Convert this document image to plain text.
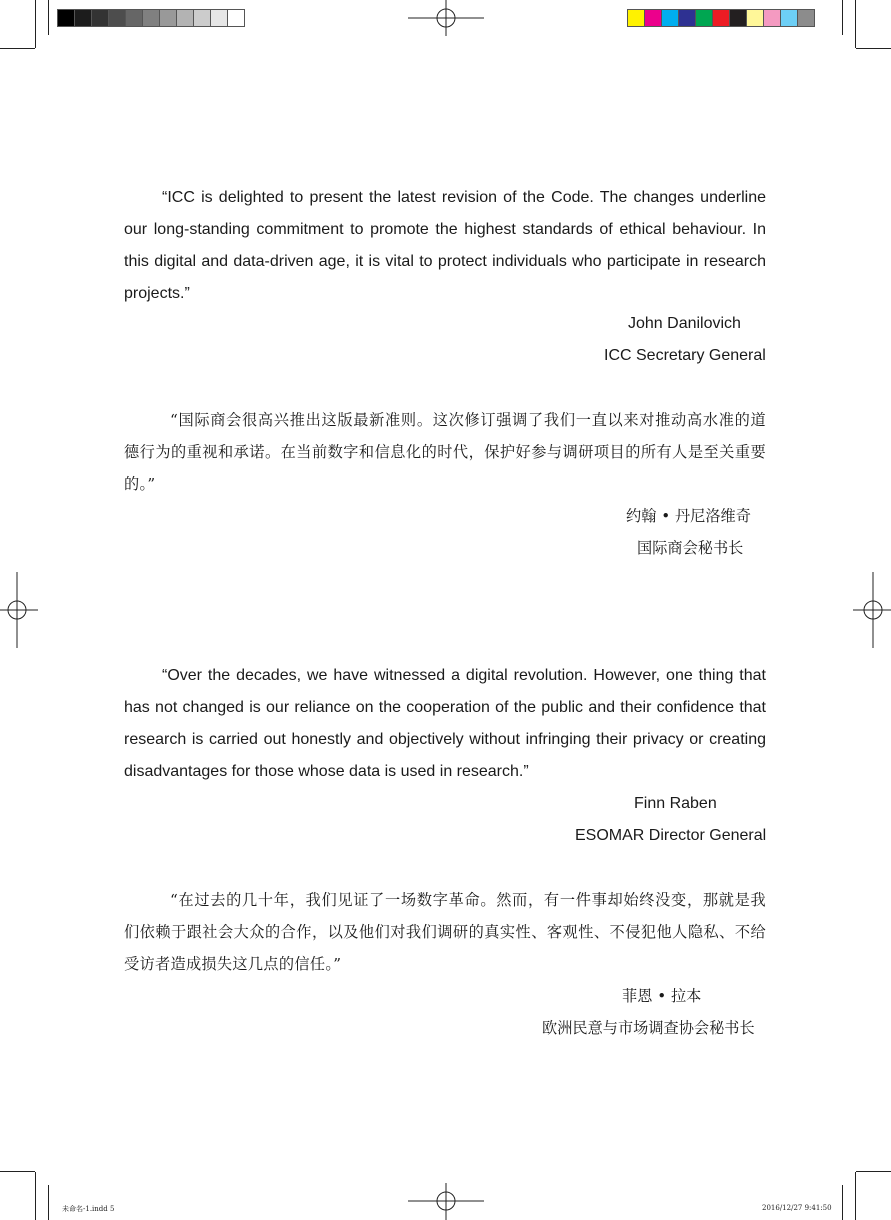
“ICC is delighted to present the latest revision of the Code. The changes underline our long-standing commitment to promote the highest standards of ethical behaviour. In this digital and data-driven age, it is vital to protect individuals who participate in research projects.”

John Danilovich

ICC Secretary General

“国际商会很高兴推出这版最新准则。这次修订强调了我们一直以来对推动高水准的道德行为的重视和承诺。在当前数字和信息化的时代，保护好参与调研项目的所有人是至关重要的。”

约翰 • 丹尼洛维奇

国际商会秘书长

“Over the decades, we have witnessed a digital revolution. However, one thing that has not changed is our reliance on the cooperation of the public and their confidence that research is carried out honestly and objectively without infringing their privacy or creating disadvantages for those whose data is used in research.”

Finn Raben

ESOMAR Director General

“在过去的几十年，我们见证了一场数字革命。然而，有一件事却始终没变，那就是我们依赖于跟社会大众的合作，以及他们对我们调研的真实性、客观性、不侵犯他人隐私、不给受访者造成损失这几点的信任。”

菲恩 • 拉本

欧洲民意与市场调查协会秘书长

未命名-1.indd 5	2016/12/27 9:41:50
